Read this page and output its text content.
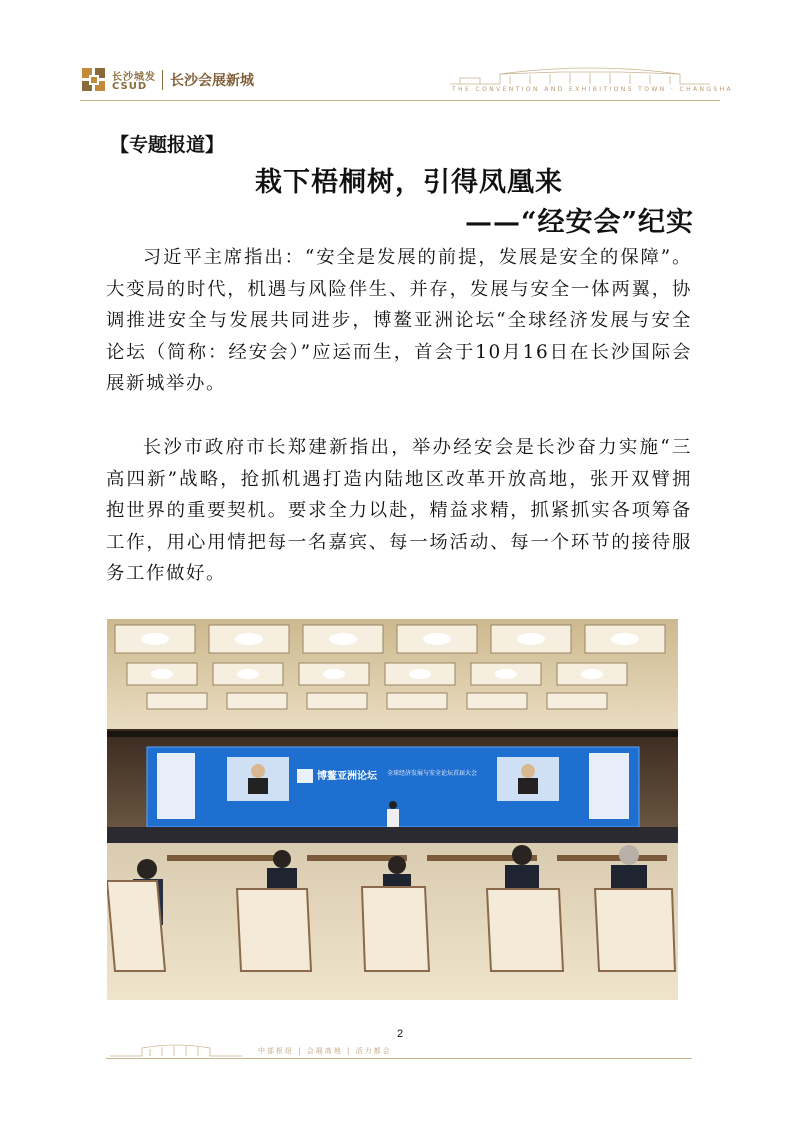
长沙城发
CSUD 长沙会展新城
THE CONVENTION AND EXHIBITIONS TOWN · CHANGSHA
【专题报道】
栽下梧桐树，引得凤凰来
——“经安会”纪实

习近平主席指出：“安全是发展的前提，发展是安全的保障”。大变局的时代，机遇与风险伴生、并存，发展与安全一体两翼，协调推进安全与发展共同进步，博鳌亚洲论坛“全球经济发展与安全论坛（简称：经安会）”应运而生，首会于10月16日在长沙国际会展新城举办。

长沙市政府市长郑建新指出，举办经安会是长沙奋力实施“三高四新”战略，抢抓机遇打造内陆地区改革开放高地，张开双臂拥抱世界的重要契机。要求全力以赴，精益求精，抓紧抓实各项筹备工作，用心用情把每一名嘉宾、每一场活动、每一个环节的接待服务工作做好。

博鳌亚洲论坛 全球经济发展与安全论坛首届大会
2
中部枢纽 | 会展高地 | 活力都会
